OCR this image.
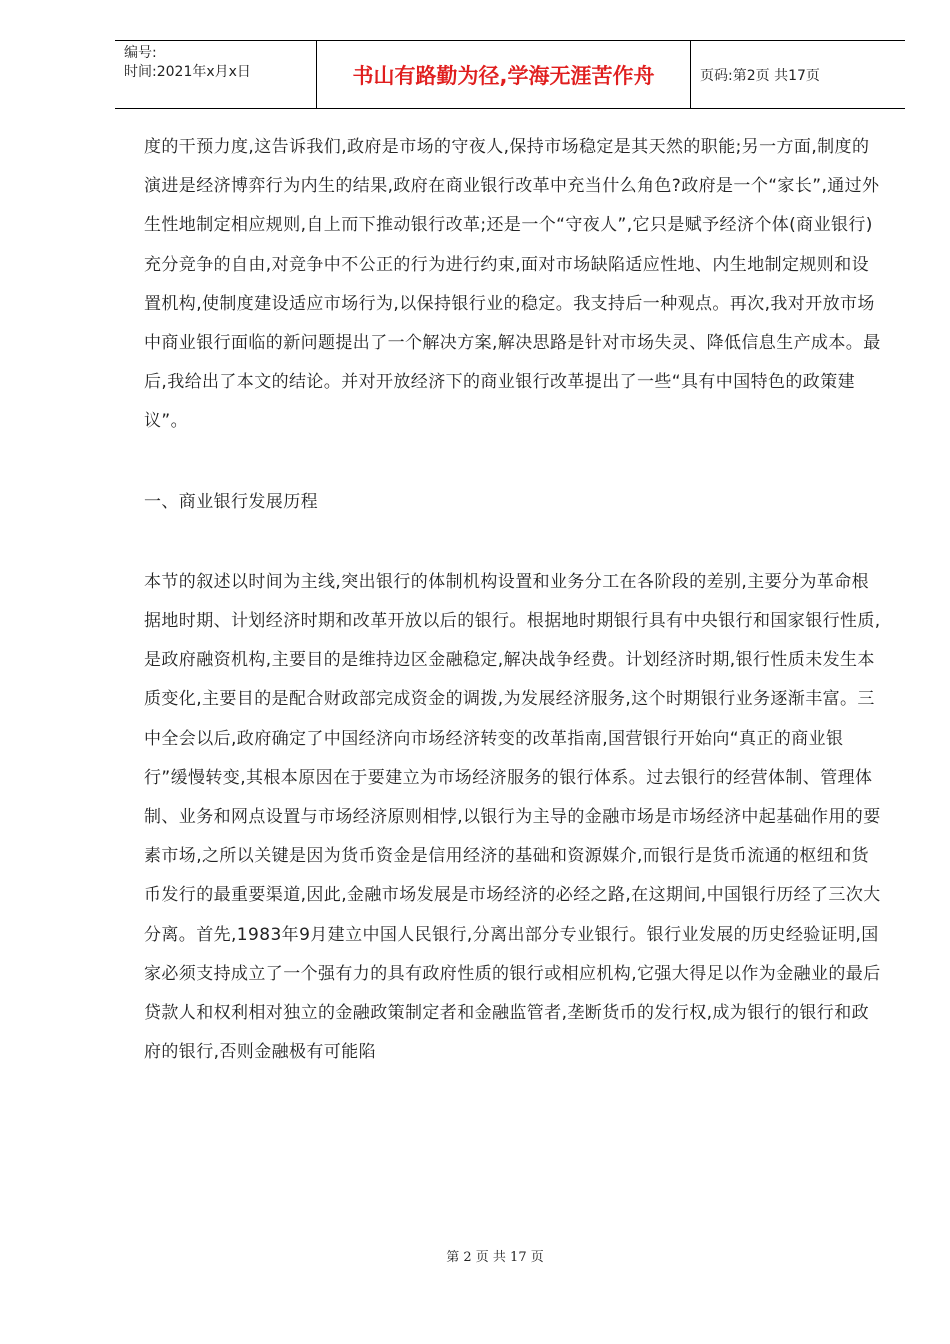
编号:
时间:2021年x月x日	书山有路勤为径,学海无涯苦作舟	页码:第2页 共17页

度的干预力度,这告诉我们,政府是市场的守夜人,保持市场稳定是其天然的职能;另一方面,制度的演进是经济博弈行为内生的结果,政府在商业银行改革中充当什么角色?政府是一个“家长”,通过外生性地制定相应规则,自上而下推动银行改革;还是一个“守夜人”,它只是赋予经济个体(商业银行)充分竞争的自由,对竞争中不公正的行为进行约束,面对市场缺陷适应性地、内生地制定规则和设置机构,使制度建设适应市场行为,以保持银行业的稳定。我支持后一种观点。再次,我对开放市场中商业银行面临的新问题提出了一个解决方案,解决思路是针对市场失灵、降低信息生产成本。最后,我给出了本文的结论。并对开放经济下的商业银行改革提出了一些“具有中国特色的政策建议”。

一、商业银行发展历程

本节的叙述以时间为主线,突出银行的体制机构设置和业务分工在各阶段的差别,主要分为革命根据地时期、计划经济时期和改革开放以后的银行。根据地时期银行具有中央银行和国家银行性质,是政府融资机构,主要目的是维持边区金融稳定,解决战争经费。计划经济时期,银行性质未发生本质变化,主要目的是配合财政部完成资金的调拨,为发展经济服务,这个时期银行业务逐渐丰富。三中全会以后,政府确定了中国经济向市场经济转变的改革指南,国营银行开始向“真正的商业银行”缓慢转变,其根本原因在于要建立为市场经济服务的银行体系。过去银行的经营体制、管理体制、业务和网点设置与市场经济原则相悖,以银行为主导的金融市场是市场经济中起基础作用的要素市场,之所以关键是因为货币资金是信用经济的基础和资源媒介,而银行是货币流通的枢纽和货币发行的最重要渠道,因此,金融市场发展是市场经济的必经之路,在这期间,中国银行历经了三次大分离。首先,1983年9月建立中国人民银行,分离出部分专业银行。银行业发展的历史经验证明,国家必须支持成立了一个强有力的具有政府性质的银行或相应机构,它强大得足以作为金融业的最后贷款人和权利相对独立的金融政策制定者和金融监管者,垄断货币的发行权,成为银行的银行和政府的银行,否则金融极有可能陷

第 2 页 共 17 页
